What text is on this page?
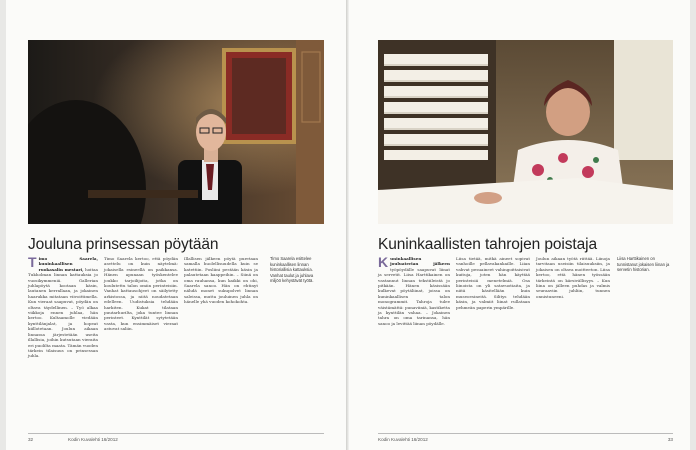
Jouluna prinsessan pöytään
T imo Saarela, kuninkaallisen ruokasalin mestari, hoitaa Tukholman linnan kattauksia jo vuosikymmeniä. Gallerian juhlapöytä kootaan käsin, lautanen kerrallaan, ja jokainen haarukka mitataan viivoittimella. Kun vieraat saapuvat, pöydän on oltava täydellinen. – Työ alkaa viikkoja ennen juhlaa, hän kertoo. Kultaamolle viedään kynttilänjalat, ja hopeat kiillotetaan. Joulun aikaan linnassa järjestetään useita illallisia, joihin kutsutaan vieraita eri puolilta maata. Tämän vuoden tärkein tilaisuus on prinsessan juhla.

Timo Saarela kertoo, että pöydän asettelu on kuin näytelmä: jokaisella esineellä on paikkansa. Hänen apunaan työskentelee joukko tarjoilijoita, jotka on koulutettu talon omiin perinteisiin. Vanhat kattausohjeet on säilytetty arkistossa, ja niitä noudatetaan edelleen. Uudistuksia tehdään harkiten. Kukat tilataan puutarhurilta, joka tuntee linnan perinteet. Kynttilät sytytetään vasta, kun ensimmäiset vieraat astuvat saliin.

Illallisen jälkeen pöytä puretaan samalla huolellisuudella kuin se katettiin. Posliini pestään käsin ja palautetaan kaappeihin. – Siinä on oma rauhansa, kun kaikki on ohi, Saarela sanoo. Hän on ehtinyt nähdä monet sukupolvet linnan saleissa, mutta jouluinen juhla on hänelle yhä vuoden kohokohta.

Timo Saarela esittelee kuninkaallisen linnan historiallisia kattauksia. Vanhat taulut ja juhlava miljöö kehystävät työtä.
32	Kodin Kuvalehti 16/2012
Kuninkaallisten tahrojen poistaja
K uninkaallisen jouluaterian jälkeen työpöydälle saapuvat liinat ja servetit. Liisa Harttikainen on vastannut linnan tekstiileistä jo pitkään. Hänen käsissään kulkevat pöytäliinat, joissa on kuninkaallisen talon monogrammit. Tahroja tulee väistämättä: punaviiniä, kastiketta ja kynttilän vahaa. – Jokainen tahra on oma tarinansa, hän sanoo ja levittää liinan pöydälle.

Liisa tietää, mitkä aineet sopivat vanhoille pellavakankaille. Liian vahvat pesuaineet vahingoittaisivat kuituja, joten hän käyttää perinteisiä menetelmiä. Osa liinoista on yli satavuotiaita, ja niitä käsitellään kuin museoesineitä. Silitys tehdään käsin, ja valmiit liinat rullataan pehmeän paperin ympärille.

Joulun aikaan työtä riittää. Liinoja tarvitaan useisiin tilaisuuksiin, ja jokaisen on oltava moitteeton. Liisa kertoo, että hänen työssään tärkeintä on kärsivällisyys. – Kun liina on jälleen puhdas ja valmis seuraaviin juhliin, tunnen onnistuneeni.

Liisa Harttikainen on tunnistanut jokaisen liinan ja servetin historian.
Kodin Kuvalehti 16/2012	33
